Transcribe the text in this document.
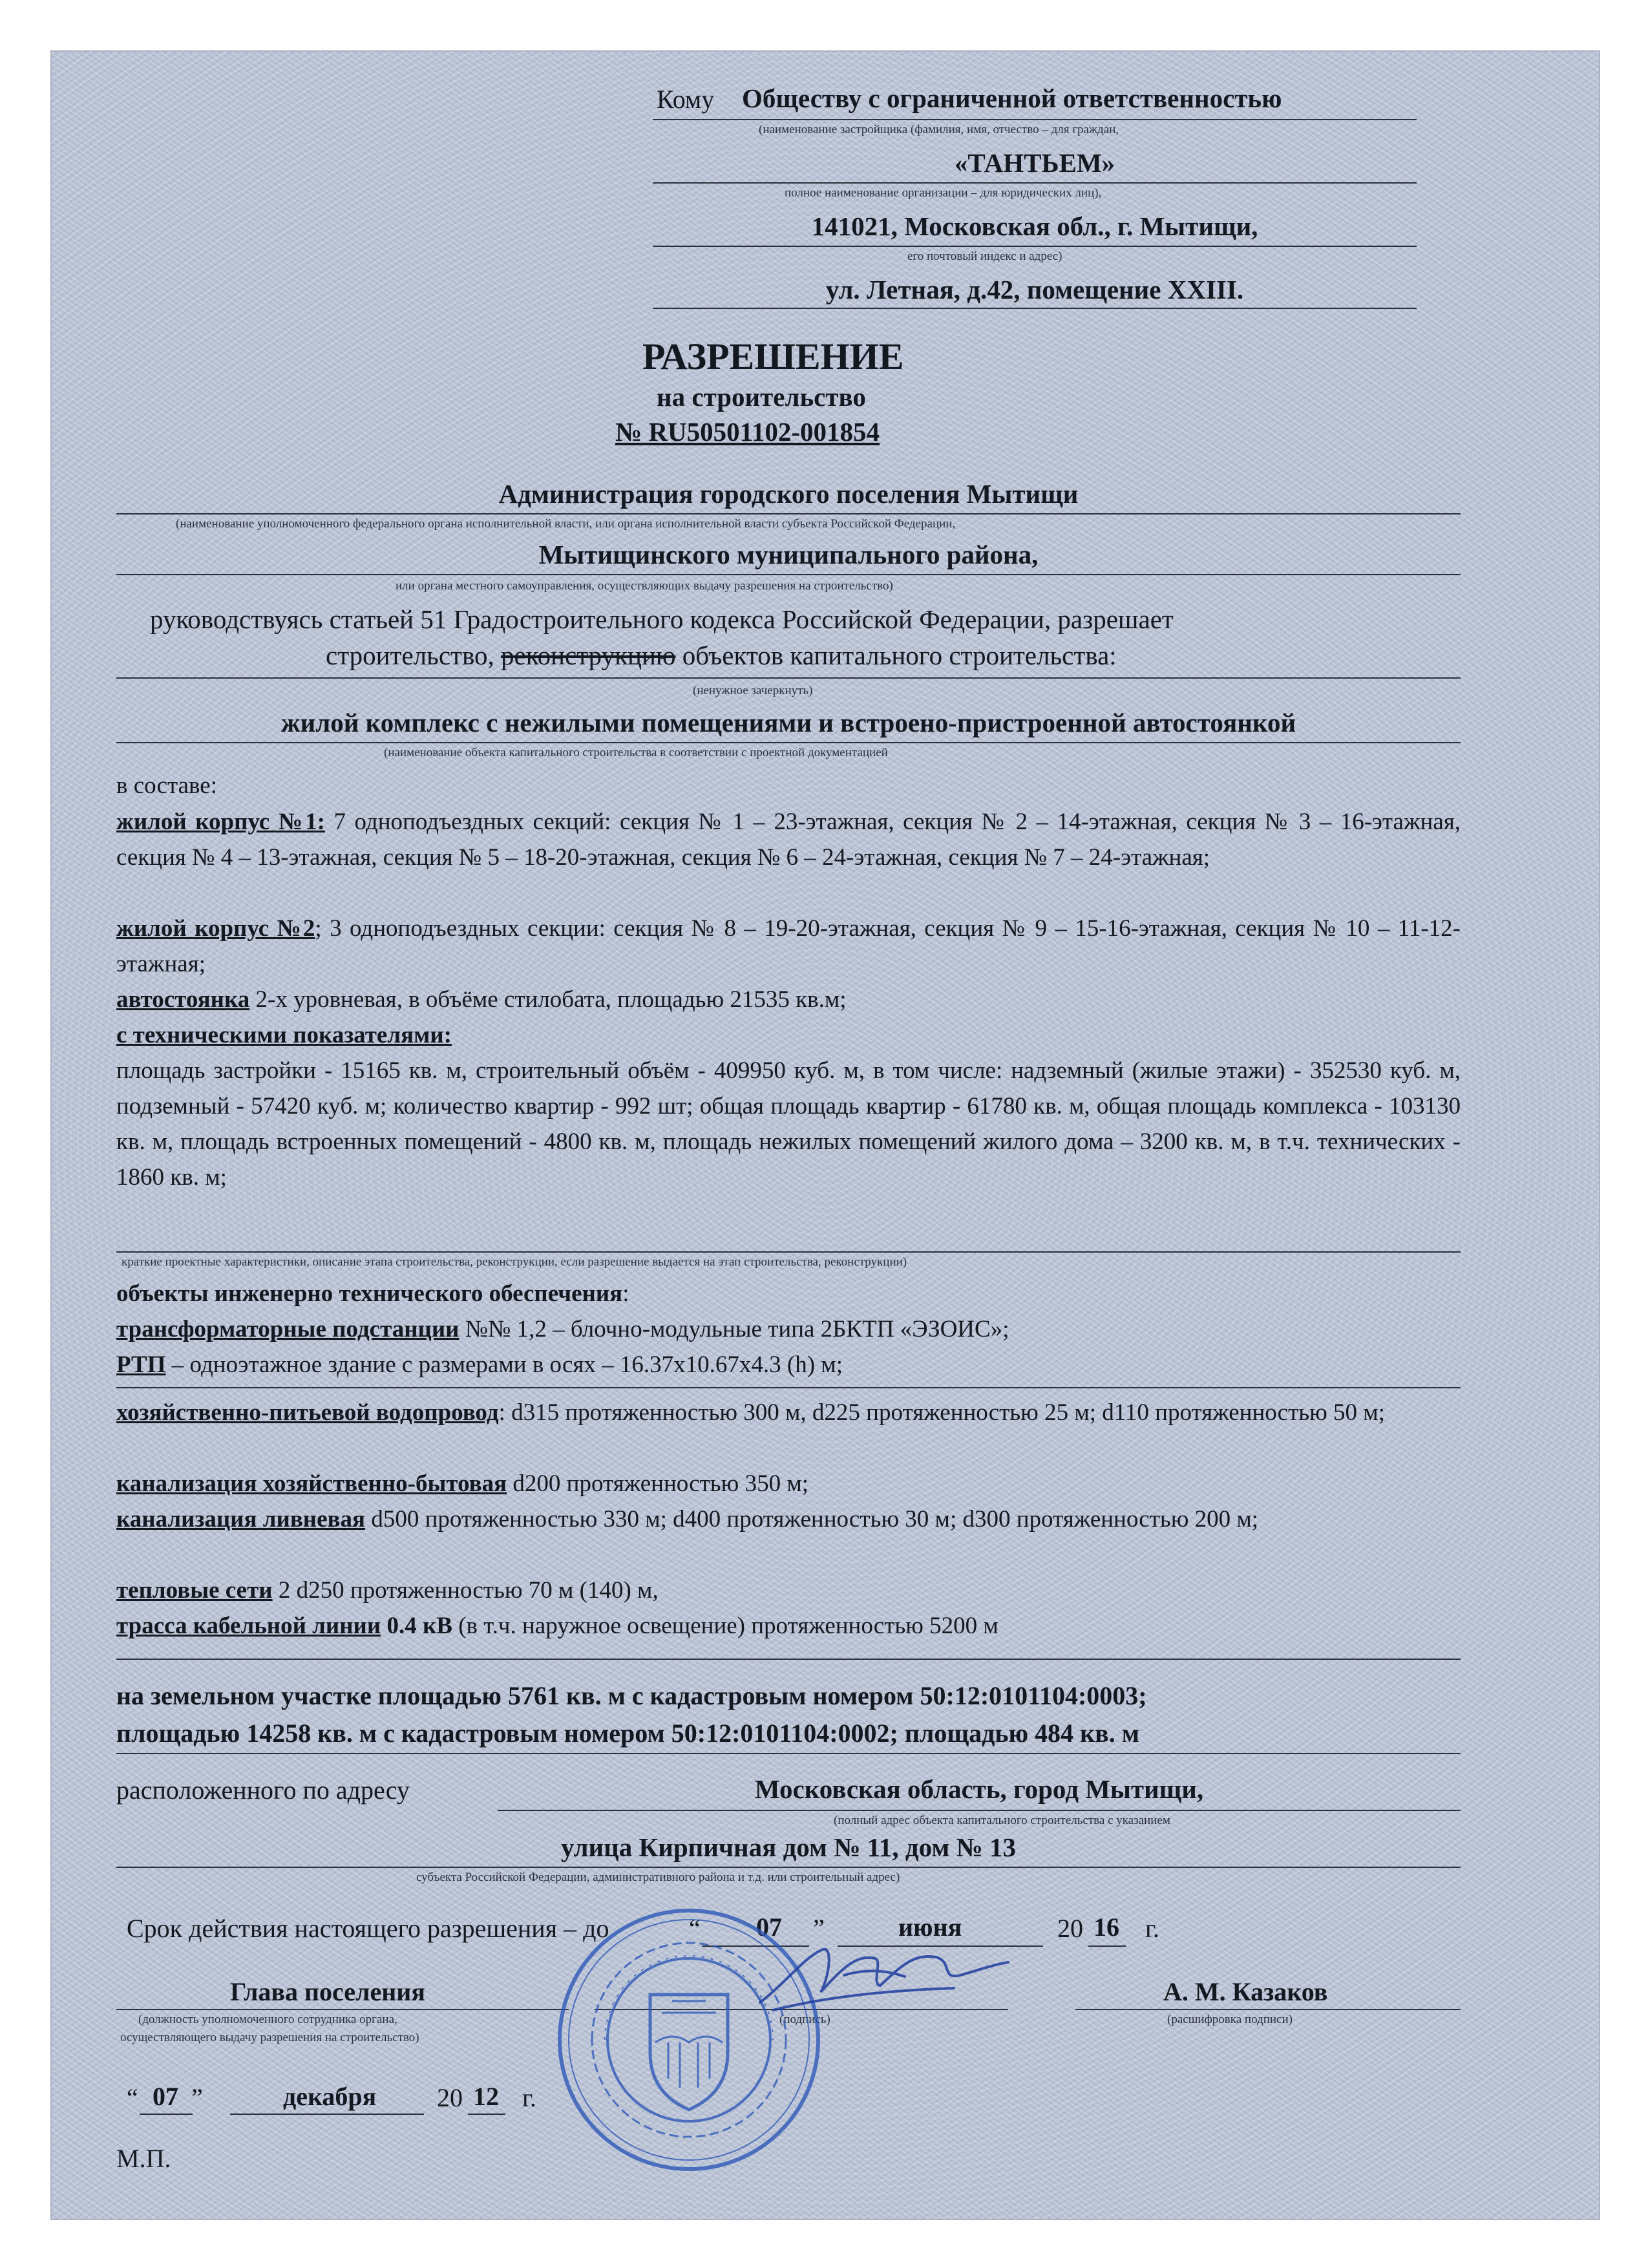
Кому Обществу с ограниченной ответственностью
(наименование застройщика (фамилия, имя, отчество – для граждан,
«ТАНТЬЕМ»
полное наименование организации – для юридических лиц),
141021, Московская обл., г. Мытищи,
его почтовый индекс и адрес)
ул. Летная, д.42, помещение XXIII.
РАЗРЕШЕНИЕ
на строительство
№ RU50501102-001854
Администрация городского поселения Мытищи
(наименование уполномоченного федерального органа исполнительной власти, или органа исполнительной власти субъекта Российской Федерации,
Мытищинского муниципального района,
или органа местного самоуправления, осуществляющих выдачу разрешения на строительство)
руководствуясь статьей 51 Градостроительного кодекса Российской Федерации, разрешает
строительство, реконструкцию объектов капитального строительства:
(ненужное зачеркнуть)
жилой комплекс с нежилыми помещениями и встроено-пристроенной автостоянкой
(наименование объекта капитального строительства в соответствии с проектной документацией
в составе:
жилой корпус №1: 7 одноподъездных секций: секция № 1 – 23-этажная, секция № 2 – 14-этажная, секция № 3 – 16-этажная, секция № 4 – 13-этажная, секция № 5 – 18-20-этажная, секция № 6 – 24-этажная, секция № 7 – 24-этажная;
жилой корпус №2; 3 одноподъездных секции: секция № 8 – 19-20-этажная, секция № 9 – 15-16-этажная, секция № 10 – 11-12-этажная;
автостоянка 2-х уровневая, в объёме стилобата, площадью 21535 кв.м;
с техническими показателями:
площадь застройки - 15165 кв. м, строительный объём - 409950 куб. м, в том числе: надземный (жилые этажи) - 352530 куб. м, подземный - 57420 куб. м; количество квартир - 992 шт; общая площадь квартир - 61780 кв. м, общая площадь комплекса - 103130 кв. м, площадь встроенных помещений - 4800 кв. м, площадь нежилых помещений жилого дома – 3200 кв. м, в т.ч. технических - 1860 кв. м;
краткие проектные характеристики, описание этапа строительства, реконструкции, если разрешение выдается на этап строительства, реконструкции)
объекты инженерно технического обеспечения:
трансформаторные подстанции №№ 1,2 – блочно-модульные типа 2БКТП «ЭЗОИС»;
РТП – одноэтажное здание с размерами в осях – 16.37x10.67x4.3 (h) м;
хозяйственно-питьевой водопровод: d315 протяженностью 300 м, d225 протяженностью 25 м; d110 протяженностью 50 м;
канализация хозяйственно-бытовая d200 протяженностью 350 м;
канализация ливневая d500 протяженностью 330 м; d400 протяженностью 30 м; d300 протяженностью 200 м;
тепловые сети 2 d250 протяженностью 70 м (140) м,
трасса кабельной линии 0.4 кВ (в т.ч. наружное освещение) протяженностью 5200 м
на земельном участке площадью 5761 кв. м с кадастровым номером 50:12:0101104:0003;
площадью 14258 кв. м с кадастровым номером 50:12:0101104:0002; площадью 484 кв. м
расположенного по адресу	Московская область, город Мытищи,
(полный адрес объекта капитального строительства с указанием
улица Кирпичная дом № 11, дом № 13
субъекта Российской Федерации, административного района и т.д. или строительный адрес)
Срок действия настоящего разрешения – до	“ 07 ”	июня	20 16 г.
Глава поселения
(должность уполномоченного сотрудника органа,
осуществляющего выдачу разрешения на строительство)
(подпись)
А. М. Казаков
(расшифровка подписи)
“ 07 ”	декабря 20 12 г.
М.П.
